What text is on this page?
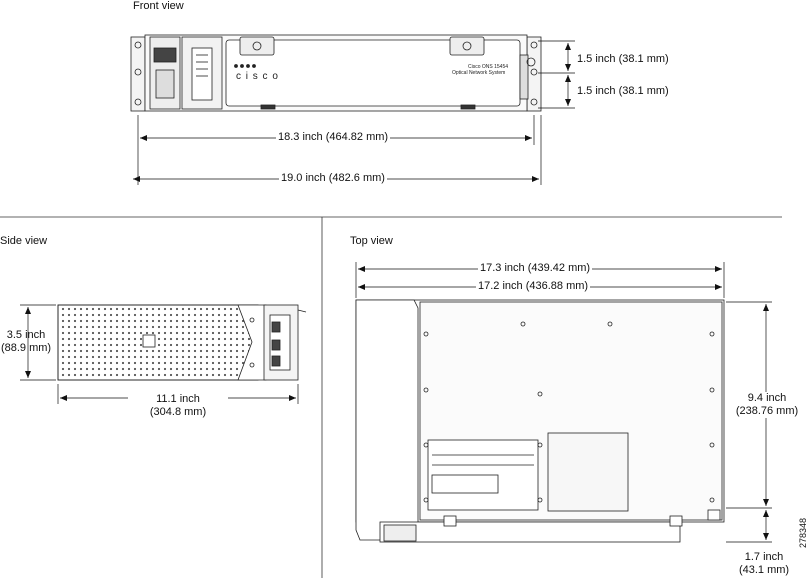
c i s c o
Cisco ONS 15454
Optical Network System
Front view
Side view	Top view
1.5 inch (38.1 mm)
1.5 inch (38.1 mm)
18.3 inch (464.82 mm)
19.0 inch (482.6 mm)
3.5 inch
(88.9 mm)
11.1 inch
(304.8 mm)
17.3 inch (439.42 mm)
17.2 inch (436.88 mm)
9.4 inch
(238.76 mm)
1.7 inch
(43.1 mm)
278348
